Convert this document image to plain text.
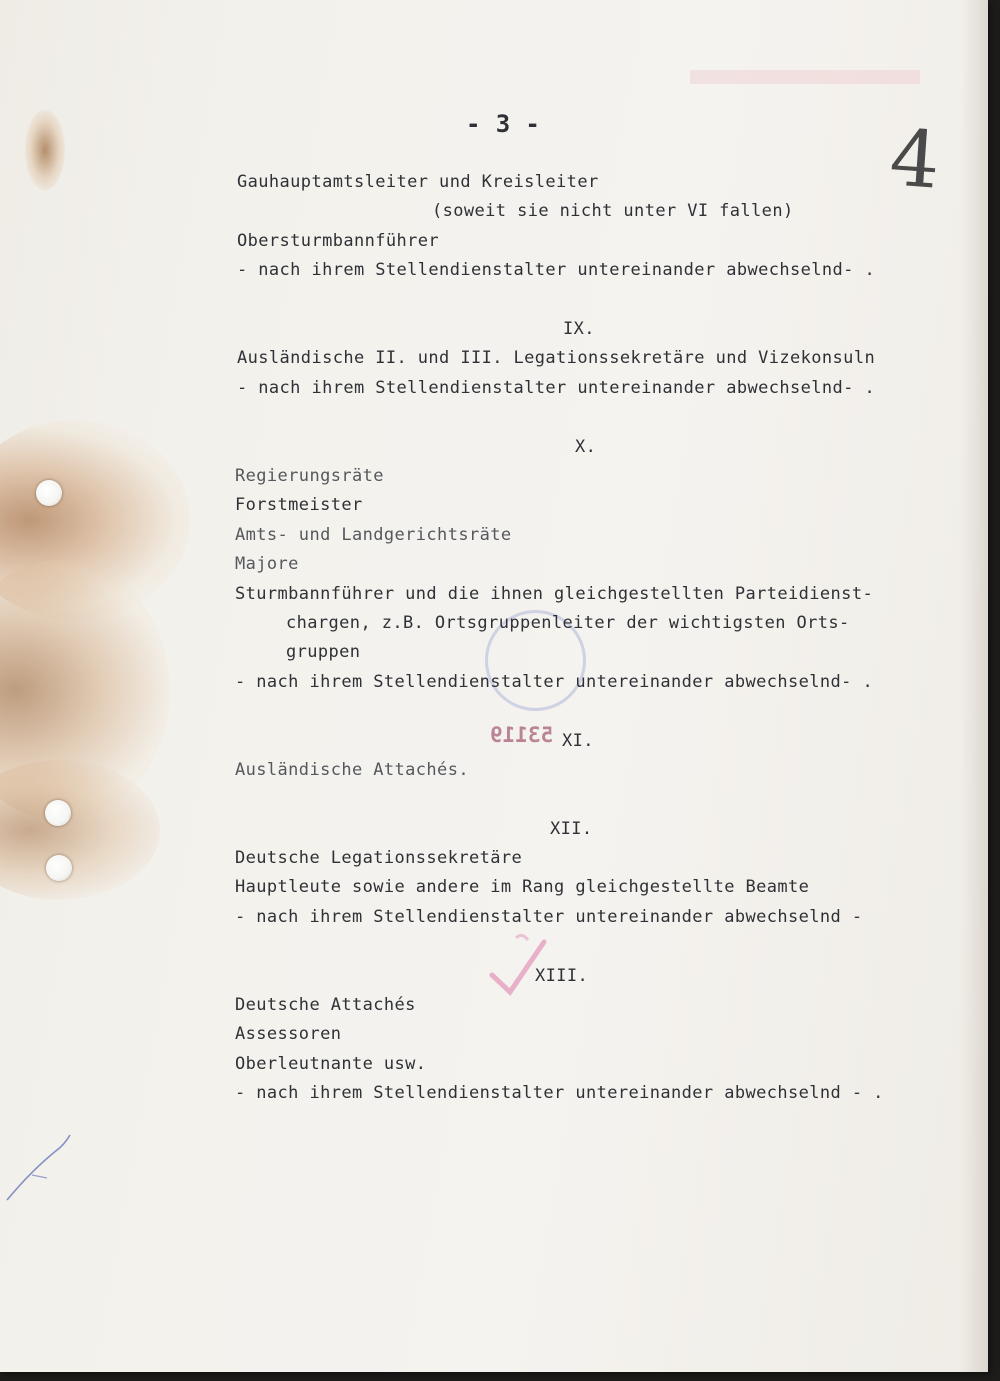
4
53119
- 3 -
Gauhauptamtsleiter und Kreisleiter
(soweit sie nicht unter VI fallen)
Obersturmbannführer
- nach ihrem Stellendienstalter untereinander abwechselnd- .
IX.
Ausländische II. und III. Legationssekretäre und Vizekonsuln
- nach ihrem Stellendienstalter untereinander abwechselnd- .
X.
Regierungsräte
Forstmeister
Amts- und Landgerichtsräte
Majore
Sturmbannführer und die ihnen gleichgestellten Parteidienst-
chargen, z.B. Ortsgruppenleiter der wichtigsten Orts-
gruppen
- nach ihrem Stellendienstalter untereinander abwechselnd- .
XI.
Ausländische Attachés.
XII.
Deutsche Legationssekretäre
Hauptleute sowie andere im Rang gleichgestellte Beamte
- nach ihrem Stellendienstalter untereinander abwechselnd -
XIII.
Deutsche Attachés
Assessoren
Oberleutnante usw.
- nach ihrem Stellendienstalter untereinander abwechselnd - .
